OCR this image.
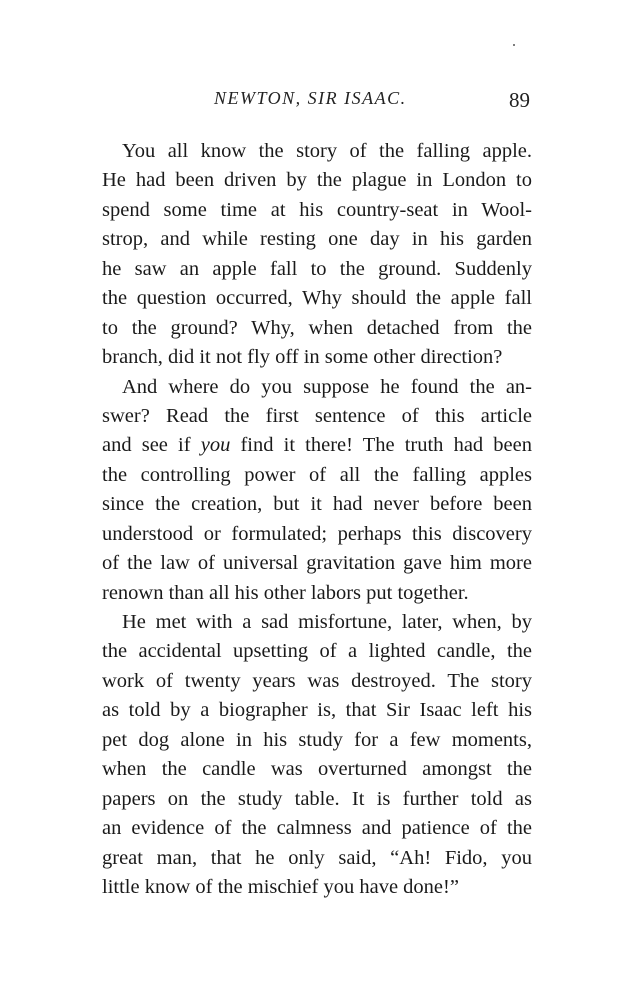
NEWTON, SIR ISAAC.	89
You all know the story of the falling apple.
He had been driven by the plague in London to
spend some time at his country-seat in Wool-
strop, and while resting one day in his garden
he saw an apple fall to the ground. Suddenly
the question occurred, Why should the apple fall
to the ground? Why, when detached from the
branch, did it not fly off in some other direction?
And where do you suppose he found the an-
swer? Read the first sentence of this article
and see if you find it there! The truth had been
the controlling power of all the falling apples
since the creation, but it had never before been
understood or formulated; perhaps this discovery
of the law of universal gravitation gave him more
renown than all his other labors put together.
He met with a sad misfortune, later, when, by
the accidental upsetting of a lighted candle, the
work of twenty years was destroyed. The story
as told by a biographer is, that Sir Isaac left his
pet dog alone in his study for a few moments,
when the candle was overturned amongst the
papers on the study table. It is further told as
an evidence of the calmness and patience of the
great man, that he only said, “Ah! Fido, you
little know of the mischief you have done!”
